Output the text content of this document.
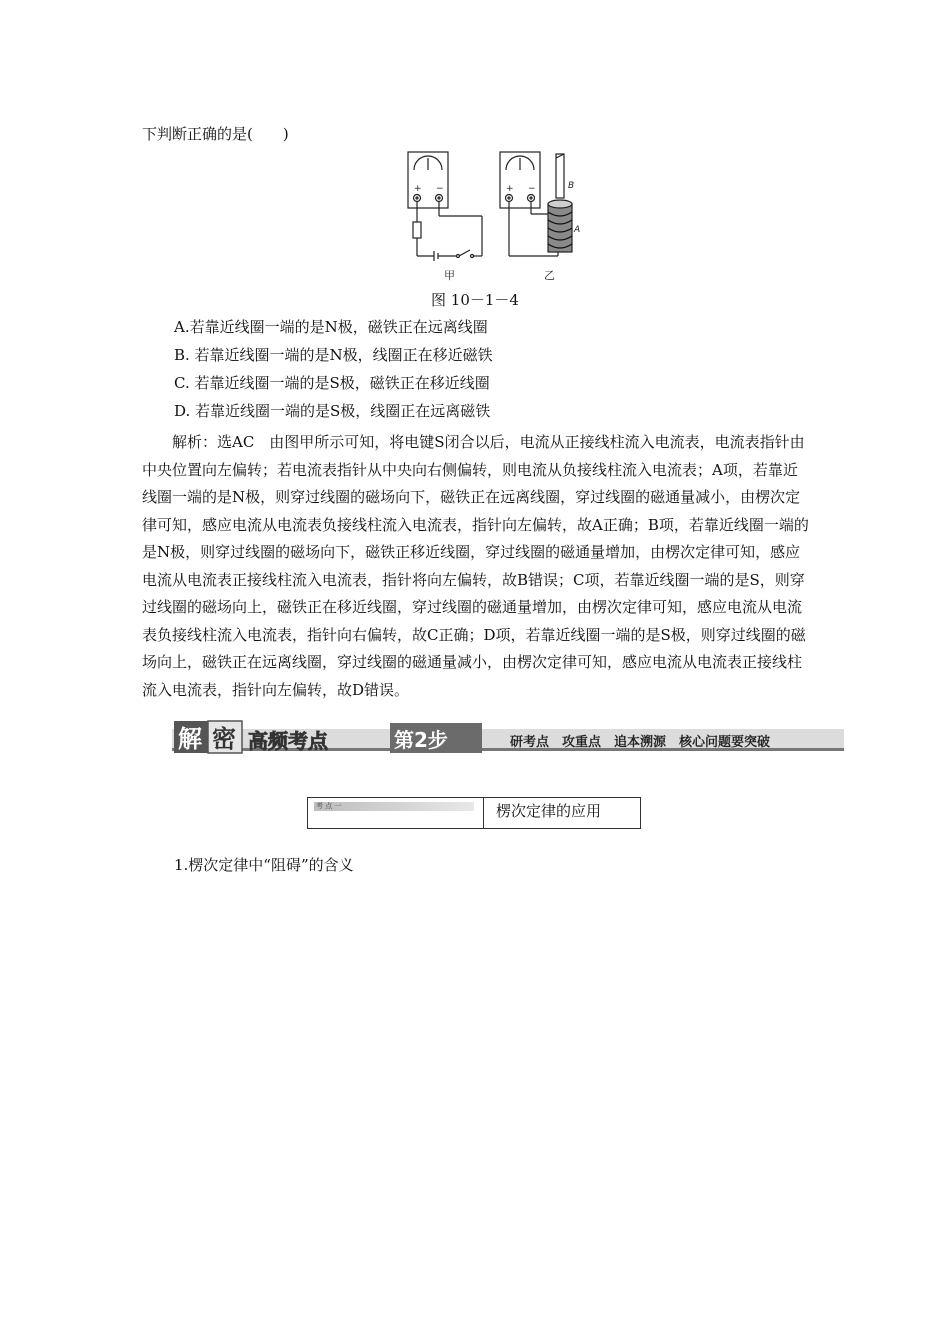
下判断正确的是(　　)
+ −	+ −	B
A
甲	乙
图 10－1－4
A.若靠近线圈一端的是N极，磁铁正在远离线圈
B. 若靠近线圈一端的是N极，线圈正在移近磁铁
C. 若靠近线圈一端的是S极，磁铁正在移近线圈
D. 若靠近线圈一端的是S极，线圈正在远离磁铁
解析：选AC　由图甲所示可知，将电键S闭合以后，电流从正接线柱流入电流表，电流表指针由中央位置向左偏转；若电流表指针从中央向右侧偏转，则电流从负接线柱流入电流表；A项，若靠近线圈一端的是N极，则穿过线圈的磁场向下，磁铁正在远离线圈，穿过线圈的磁通量减小，由楞次定律可知，感应电流从电流表负接线柱流入电流表，指针向左偏转，故A正确；B项，若靠近线圈一端的是N极，则穿过线圈的磁场向下，磁铁正移近线圈，穿过线圈的磁通量增加，由楞次定律可知，感应电流从电流表正接线柱流入电流表，指针将向左偏转，故B错误；C项，若靠近线圈一端的是S，则穿过线圈的磁场向上，磁铁正在移近线圈，穿过线圈的磁通量增加，由楞次定律可知，感应电流从电流表负接线柱流入电流表，指针向右偏转，故C正确；D项，若靠近线圈一端的是S极，则穿过线圈的磁场向上，磁铁正在远离线圈，穿过线圈的磁通量减小，由楞次定律可知，感应电流从电流表正接线柱流入电流表，指针向左偏转，故D错误。
解 密 高频考点	第2步	研考点　攻重点　追本溯源　核心问题要突破
考 点 一	楞次定律的应用
1.楞次定律中“阻碍”的含义
